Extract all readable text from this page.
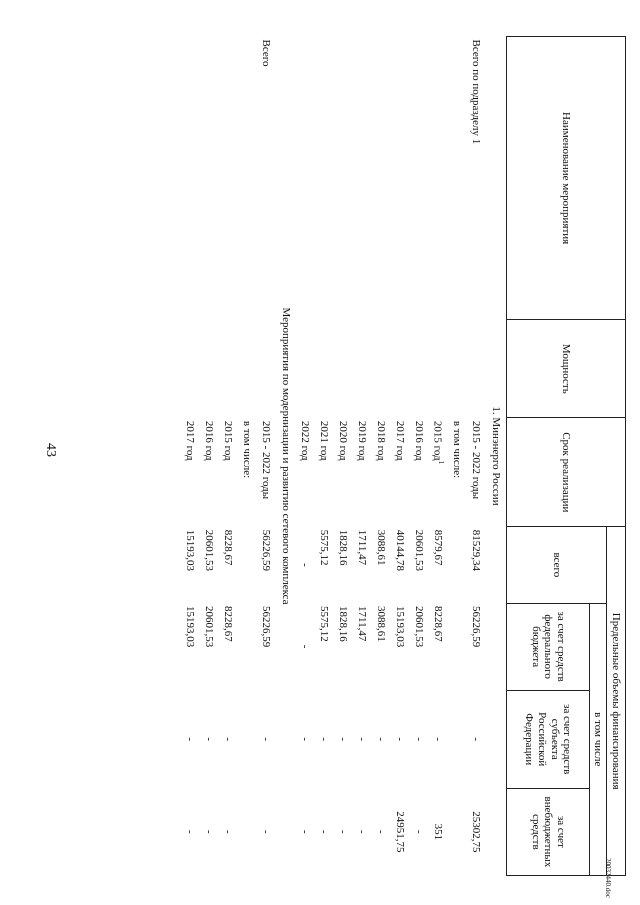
43
20032440.doc
Наименование мероприятия	Мощность	Срок реализации	Предельные объемы финансирования			
			всего	в том числе		
				за счет средств федерального бюджета	за счет средств субъекта Российской Федерации	за счет внебюджетных средств
1. Минэнерго России						
Всего по подразделу 1		2015 - 2022 годы	81529,34	56226,59	-	25302,75
		в том числе:				
		2015 год$^1$	8579,67	8228,67	-	351
		2016 год	20601,53	20601,53	-	-
		2017 год	40144,78	15193,03	-	24951,75
		2018 год	3088,61	3088,61	-	-
		2019 год	1711,47	1711,47	-	-
		2020 год	1828,16	1828,16	-	-
		2021 год	5575,12	5575,12	-	-
		2022 год	-	-	-	-
Мероприятия по модернизации и развитию сетевого комплекса						
Всего		2015 - 2022 годы	56226,59	56226,59	-	-
		в том числе:				
		2015 год	8228,67	8228,67	-	-
		2016 год	20601,53	20601,53	-	-
		2017 год	15193,03	15193,03	-	-
